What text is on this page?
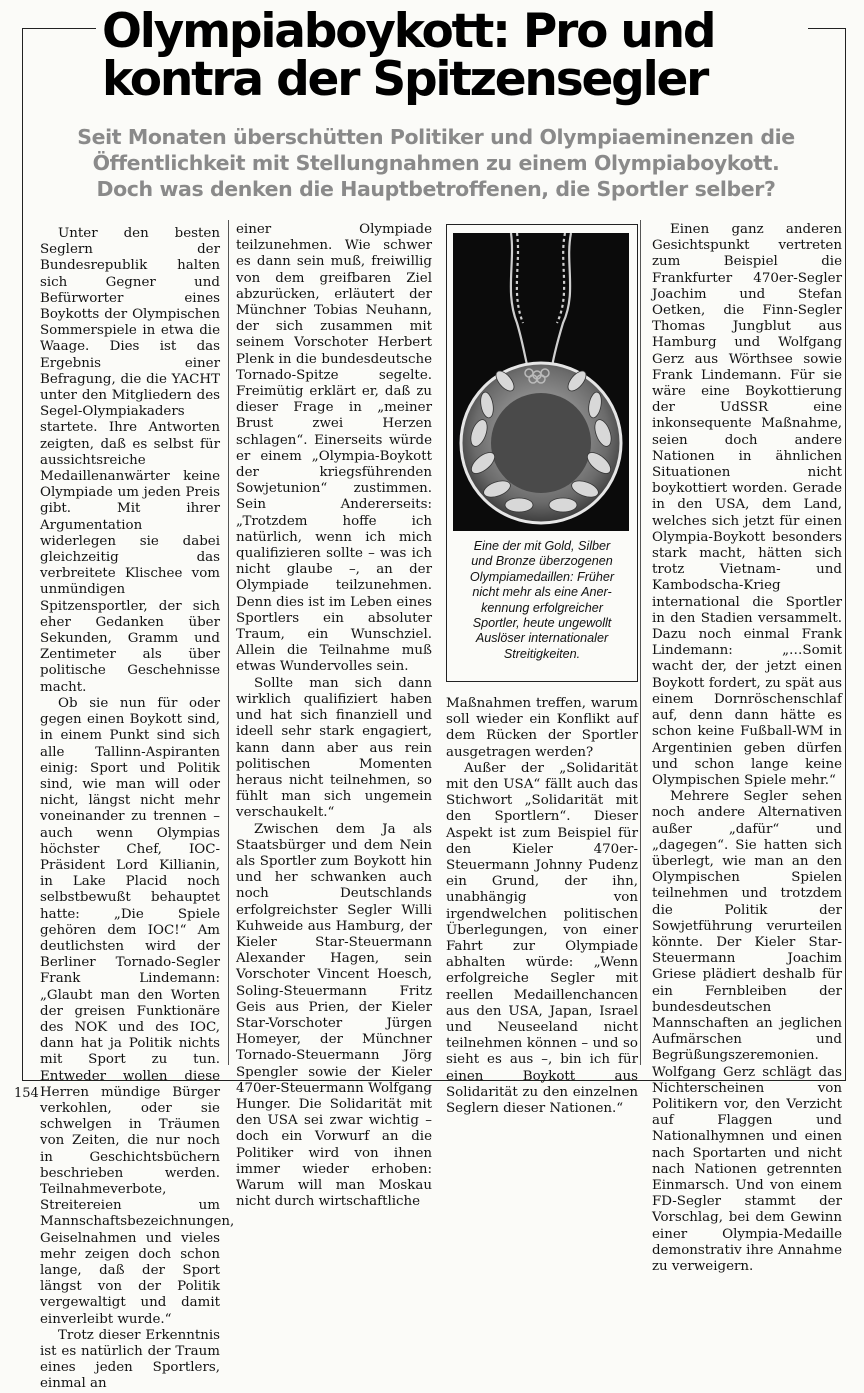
Olympiaboykott: Pro und
kontra der Spitzensegler
Seit Monaten überschütten Politiker und Olympiaeminenzen die
Öffentlichkeit mit Stellungnahmen zu einem Olympiaboykott.
Doch was denken die Hauptbetroffenen, die Sportler selber?

Unter den besten Seglern der Bundesrepublik halten sich Gegner und Befürworter eines Boykotts der Olympischen Sommerspiele in etwa die Waage. Dies ist das Ergebnis einer Befragung, die die YACHT unter den Mitgliedern des Segel-Olympiakaders startete. Ihre Antworten zeigten, daß es selbst für aussichtsreiche Medaillenanwärter keine Olympiade um jeden Preis gibt. Mit ihrer Argumentation widerlegen sie dabei gleichzeitig das verbreitete Klischee vom unmündigen Spitzensportler, der sich eher Gedanken über Sekunden, Gramm und Zentimeter als über politische Geschehnisse macht.

Ob sie nun für oder gegen einen Boykott sind, in einem Punkt sind sich alle Tallinn-Aspiranten einig: Sport und Politik sind, wie man will oder nicht, längst nicht mehr voneinander zu trennen – auch wenn Olympias höchster Chef, IOC-Präsident Lord Killianin, in Lake Placid noch selbstbewußt behauptet hatte: „Die Spiele gehören dem IOC!“ Am deutlichsten wird der Berliner Tornado-Segler Frank Lindemann: „Glaubt man den Worten der greisen Funktionäre des NOK und des IOC, dann hat ja Politik nichts mit Sport zu tun. Entweder wollen diese Herren mündige Bürger verkohlen, oder sie schwelgen in Träumen von Zeiten, die nur noch in Geschichtsbüchern beschrieben werden. Teilnahmeverbote, Streitereien um Mannschaftsbezeichnungen, Geiselnahmen und vieles mehr zeigen doch schon lange, daß der Sport längst von der Politik vergewaltigt und damit einverleibt wurde.“

Trotz dieser Erkenntnis ist es natürlich der Traum eines jeden Sportlers, einmal an

einer Olympiade teilzunehmen. Wie schwer es dann sein muß, freiwillig von dem greifbaren Ziel abzurücken, erläutert der Münchner Tobias Neuhann, der sich zusammen mit seinem Vorschoter Herbert Plenk in die bundesdeutsche Tornado-Spitze segelte. Freimütig erklärt er, daß zu dieser Frage in „meiner Brust zwei Herzen schlagen“. Einerseits würde er einem „Olympia-Boykott der kriegsführenden Sowjetunion“ zustimmen. Sein Andererseits: „Trotzdem hoffe ich natürlich, wenn ich mich qualifizieren sollte – was ich nicht glaube –, an der Olympiade teilzunehmen. Denn dies ist im Leben eines Sportlers ein absoluter Traum, ein Wunschziel. Allein die Teilnahme muß etwas Wundervolles sein.

Sollte man sich dann wirklich qualifiziert haben und hat sich finanziell und ideell sehr stark engagiert, kann dann aber aus rein politischen Momenten heraus nicht teilnehmen, so fühlt man sich ungemein verschaukelt.“

Zwischen dem Ja als Staatsbürger und dem Nein als Sportler zum Boykott hin und her schwanken auch noch Deutschlands erfolgreichster Segler Willi Kuhweide aus Hamburg, der Kieler Star-Steuermann Alexander Hagen, sein Vorschoter Vincent Hoesch, Soling-Steuermann Fritz Geis aus Prien, der Kieler Star-Vorschoter Jürgen Homeyer, der Münchner Tornado-Steuermann Jörg Spengler sowie der Kieler 470er-Steuermann Wolfgang Hunger. Die Solidarität mit den USA sei zwar wichtig – doch ein Vorwurf an die Politiker wird von ihnen immer wieder erhoben: Warum will man Moskau nicht durch wirtschaftliche

Eine der mit Gold, Silber
und Bronze überzogenen
Olympiamedaillen: Früher
nicht mehr als eine Aner-
kennung erfolgreicher
Sportler, heute ungewollt
Auslöser internationaler
Streitigkeiten.

Maßnahmen treffen, warum soll wieder ein Konflikt auf dem Rücken der Sportler ausgetragen werden?

Außer der „Solidarität mit den USA“ fällt auch das Stichwort „Solidarität mit den Sportlern“. Dieser Aspekt ist zum Beispiel für den Kieler 470er-Steuermann Johnny Pudenz ein Grund, der ihn, unabhängig von irgendwelchen politischen Überlegungen, von einer Fahrt zur Olympiade abhalten würde: „Wenn erfolgreiche Segler mit reellen Medaillenchancen aus den USA, Japan, Israel und Neuseeland nicht teilnehmen können – und so sieht es aus –, bin ich für einen Boykott aus Solidarität zu den einzelnen Seglern dieser Nationen.“

Einen ganz anderen Gesichtspunkt vertreten zum Beispiel die Frankfurter 470er-Segler Joachim und Stefan Oetken, die Finn-Segler Thomas Jungblut aus Hamburg und Wolfgang Gerz aus Wörthsee sowie Frank Lindemann. Für sie wäre eine Boykottierung der UdSSR eine inkonsequente Maßnahme, seien doch andere Nationen in ähnlichen Situationen nicht boykottiert worden. Gerade in den USA, dem Land, welches sich jetzt für einen Olympia-Boykott besonders stark macht, hätten sich trotz Vietnam- und Kambodscha-Krieg international die Sportler in den Stadien versammelt. Dazu noch einmal Frank Lindemann: „…Somit wacht der, der jetzt einen Boykott fordert, zu spät aus einem Dornröschenschlaf auf, denn dann hätte es schon keine Fußball-WM in Argentinien geben dürfen und schon lange keine Olympischen Spiele mehr.“

Mehrere Segler sehen noch andere Alternativen außer „dafür“ und „dagegen“. Sie hatten sich überlegt, wie man an den Olympischen Spielen teilnehmen und trotzdem die Politik der Sowjetführung verurteilen könnte. Der Kieler Star-Steuermann Joachim Griese plädiert deshalb für ein Fernbleiben der bundesdeutschen Mannschaften an jeglichen Aufmärschen und Begrüßungszeremonien. Wolfgang Gerz schlägt das Nichterscheinen von Politikern vor, den Verzicht auf Flaggen und Nationalhymnen und einen nach Sportarten und nicht nach Nationen getrennten Einmarsch. Und von einem FD-Segler stammt der Vorschlag, bei dem Gewinn einer Olympia-Medaille demonstrativ ihre Annahme zu verweigern.

154
